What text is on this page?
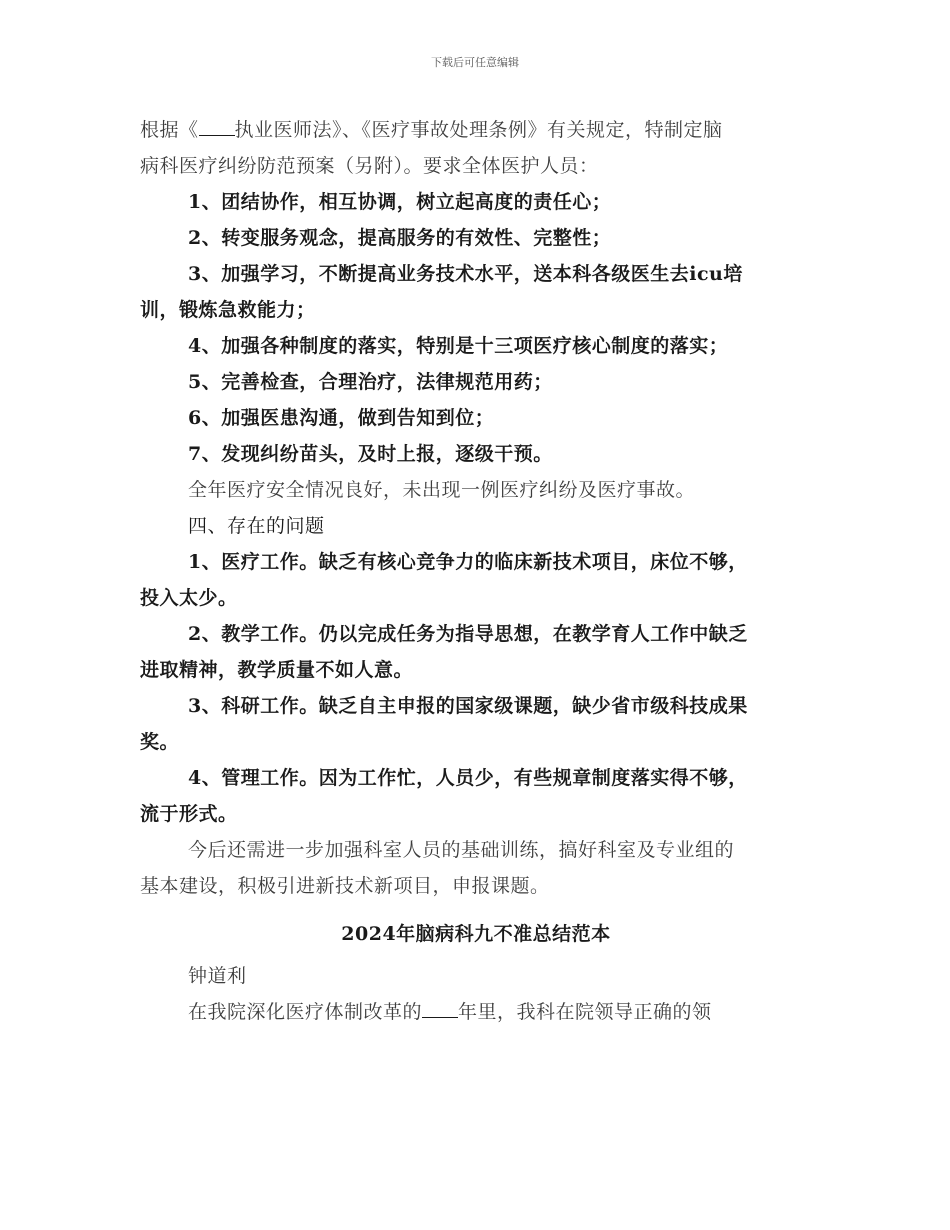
下载后可任意编辑
根据《 执业医师法》、《医疗事故处理条例》有关规定，特制定脑
病科医疗纠纷防范预案（另附）。要求全体医护人员：
1、团结协作，相互协调，树立起高度的责任心；
2、转变服务观念，提高服务的有效性、完整性；
3、加强学习，不断提高业务技术水平，送本科各级医生去icu培
训，锻炼急救能力；
4、加强各种制度的落实，特别是十三项医疗核心制度的落实；
5、完善检查，合理治疗，法律规范用药；
6、加强医患沟通，做到告知到位；
7、发现纠纷苗头，及时上报，逐级干预。
全年医疗安全情况良好，未出现一例医疗纠纷及医疗事故。
四、存在的问题
1、医疗工作。缺乏有核心竞争力的临床新技术项目，床位不够，
投入太少。
2、教学工作。仍以完成任务为指导思想，在教学育人工作中缺乏
进取精神，教学质量不如人意。
3、科研工作。缺乏自主申报的国家级课题，缺少省市级科技成果
奖。
4、管理工作。因为工作忙，人员少，有些规章制度落实得不够，
流于形式。
今后还需进一步加强科室人员的基础训练，搞好科室及专业组的
基本建设，积极引进新技术新项目，申报课题。
2024年脑病科九不准总结范本
钟道利
在我院深化医疗体制改革的 年里，我科在院领导正确的领
